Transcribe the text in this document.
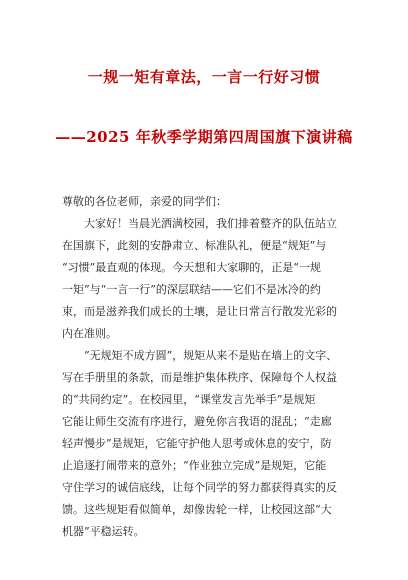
一规一矩有章法，一言一行好习惯
——2025 年秋季学期第四周国旗下演讲稿
尊敬的各位老师，亲爱的同学们：
大家好！当晨光洒满校园，我们排着整齐的队伍站立
在国旗下，此刻的安静肃立、标准队礼，便是“规矩”与
“习惯”最直观的体现。今天想和大家聊的，正是“一规
一矩”与“一言一行”的深层联结——它们不是冰冷的约
束，而是滋养我们成长的土壤，是让日常言行散发光彩的
内在准则。
“无规矩不成方圆”，规矩从来不是贴在墙上的文字、
写在手册里的条款，而是维护集体秩序、保障每个人权益
的“共同约定”。在校园里，“课堂发言先举手”是规矩
它能让师生交流有序进行，避免你言我语的混乱；“走廊
轻声慢步”是规矩，它能守护他人思考或休息的安宁，防
止追逐打闹带来的意外；“作业独立完成”是规矩，它能
守住学习的诚信底线，让每个同学的努力都获得真实的反
馈。这些规矩看似简单，却像齿轮一样，让校园这部“大
机器”平稳运转。
